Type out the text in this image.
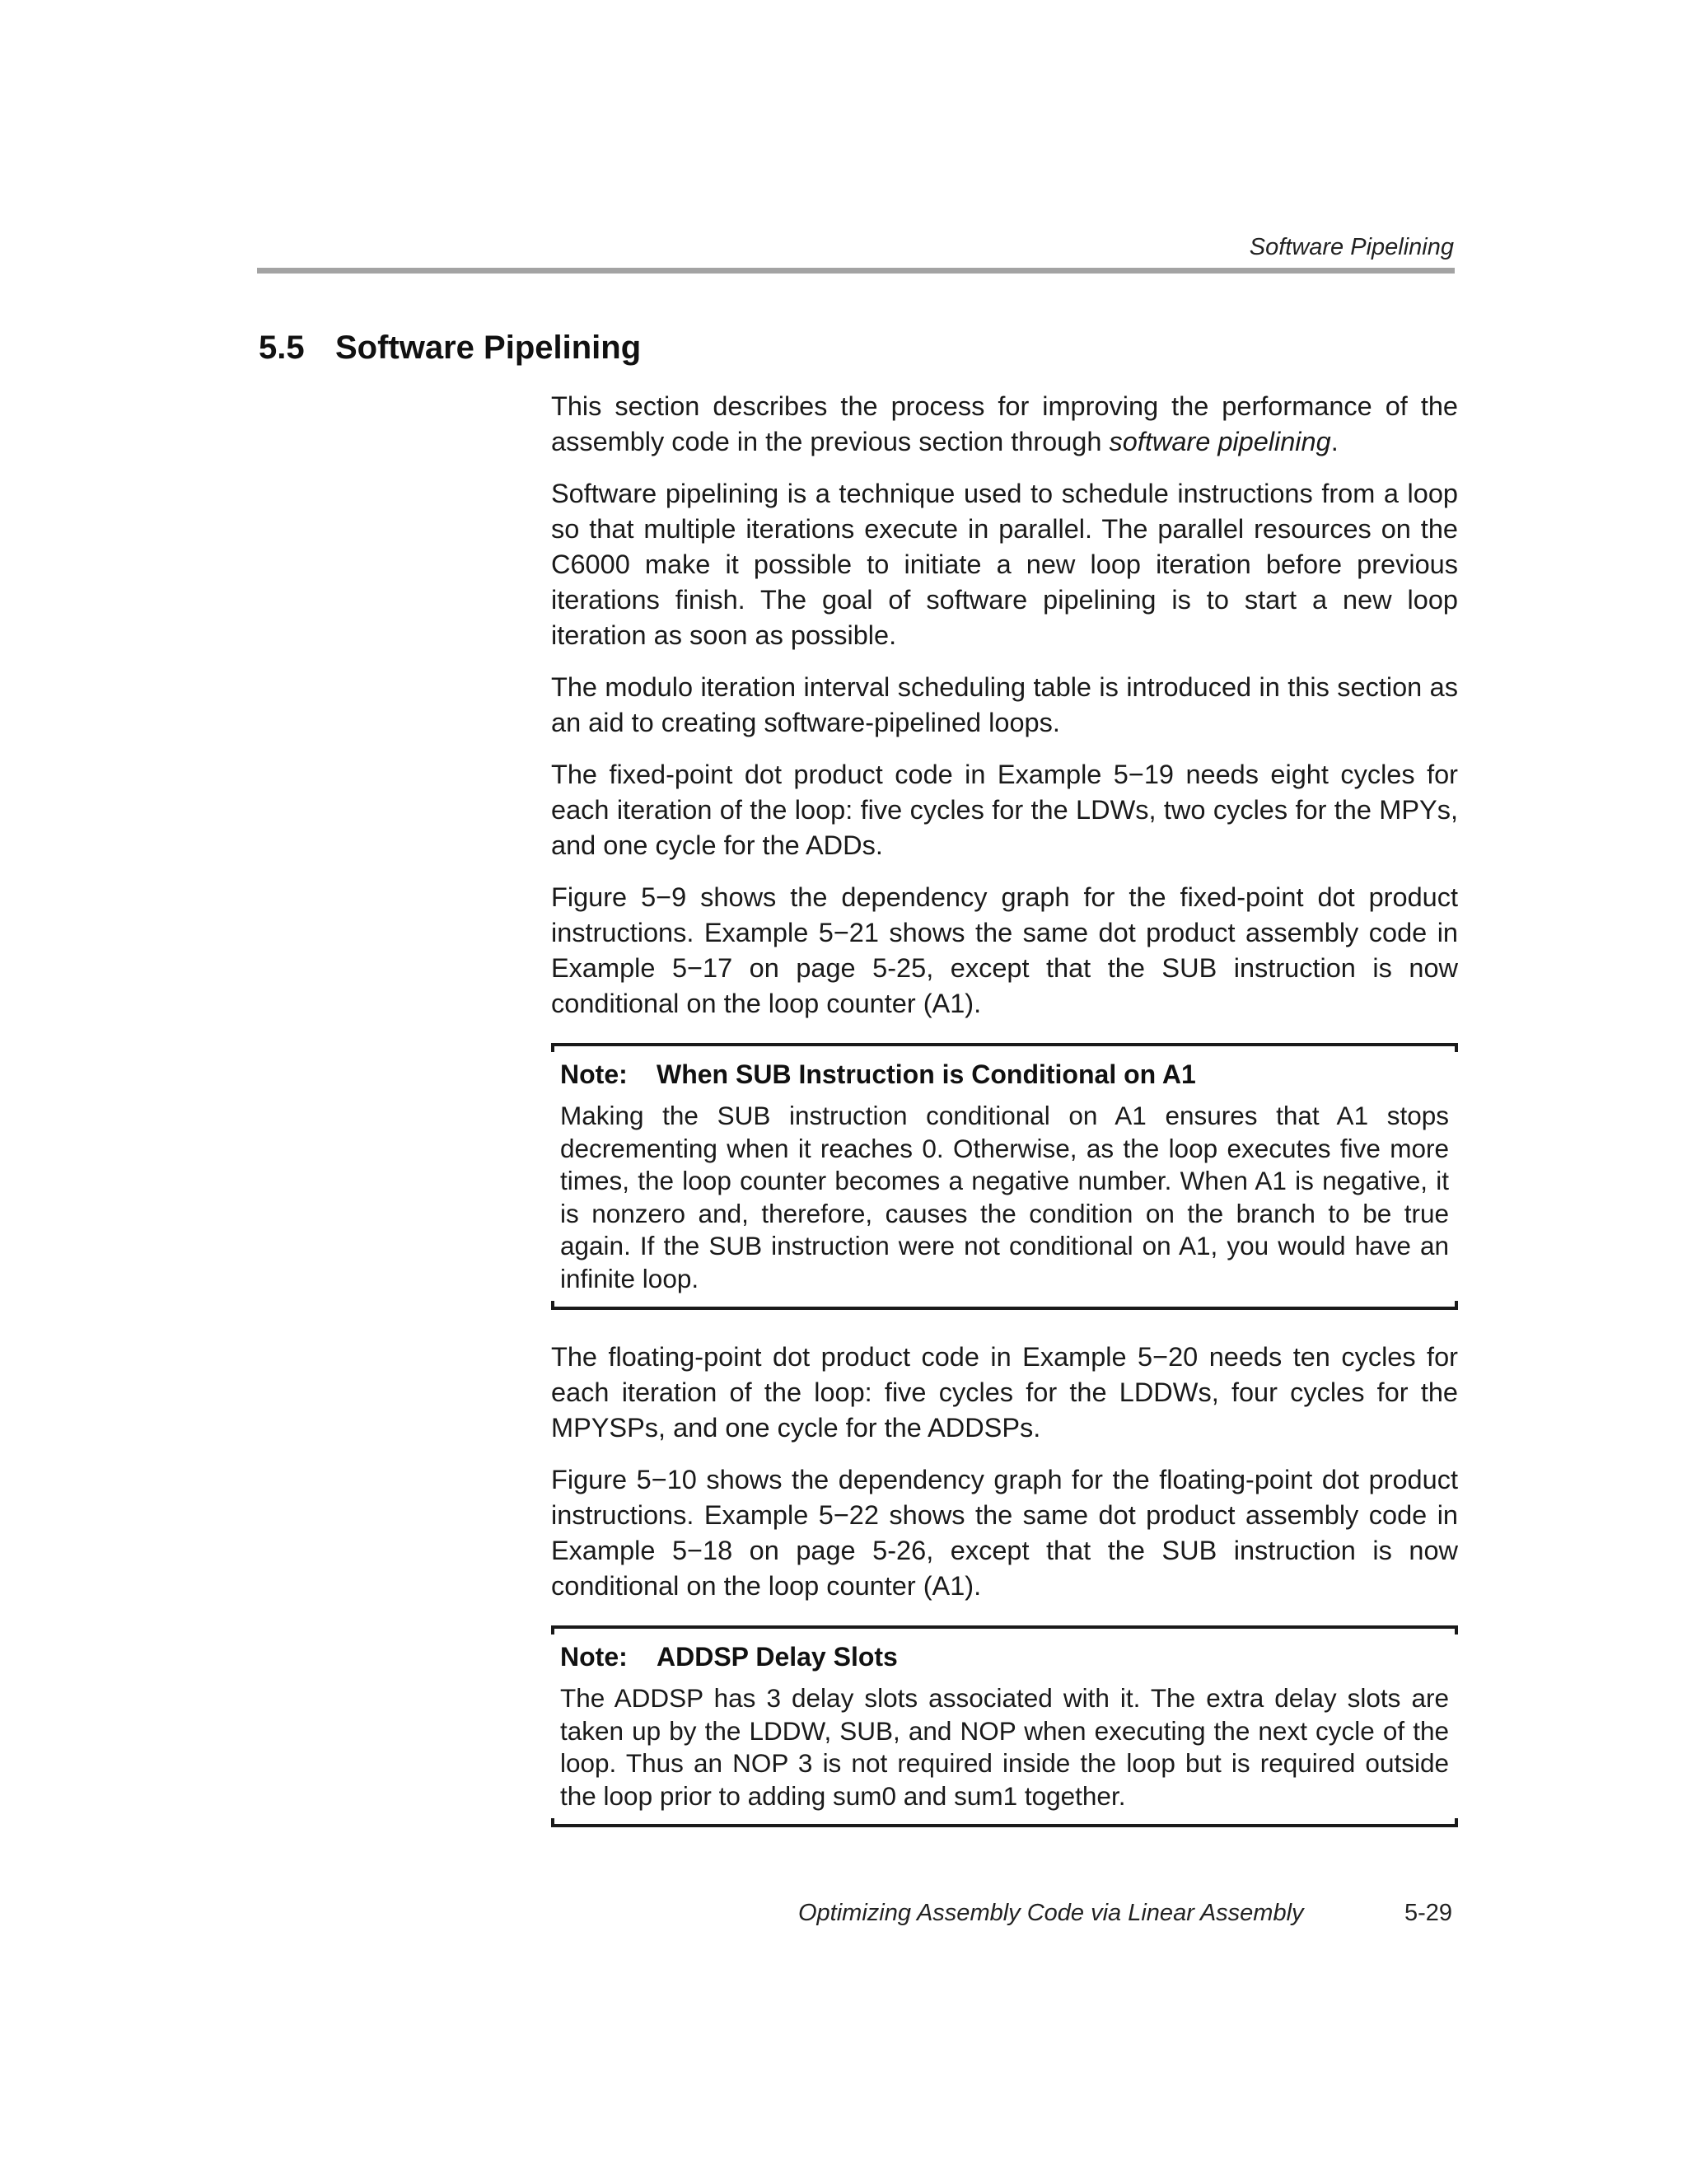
Software Pipelining
5.5 Software Pipelining

This section describes the process for improving the performance of the assembly code in the previous section through software pipelining.

Software pipelining is a technique used to schedule instructions from a loop so that multiple iterations execute in parallel. The parallel resources on the C6000 make it possible to initiate a new loop iteration before previous iterations finish. The goal of software pipelining is to start a new loop iteration as soon as possible.

The modulo iteration interval scheduling table is introduced in this section as an aid to creating software-pipelined loops.

The fixed-point dot product code in Example 5−19 needs eight cycles for each iteration of the loop: five cycles for the LDWs, two cycles for the MPYs, and one cycle for the ADDs.

Figure 5−9 shows the dependency graph for the fixed-point dot product instructions. Example 5−21 shows the same dot product assembly code in Example 5−17 on page 5-25, except that the SUB instruction is now conditional on the loop counter (A1).

Note: When SUB Instruction is Conditional on A1

Making the SUB instruction conditional on A1 ensures that A1 stops decrementing when it reaches 0. Otherwise, as the loop executes five more times, the loop counter becomes a negative number. When A1 is negative, it is nonzero and, therefore, causes the condition on the branch to be true again. If the SUB instruction were not conditional on A1, you would have an infinite loop.

The floating-point dot product code in Example 5−20 needs ten cycles for each iteration of the loop: five cycles for the LDDWs, four cycles for the MPYSPs, and one cycle for the ADDSPs.

Figure 5−10 shows the dependency graph for the floating-point dot product instructions. Example 5−22 shows the same dot product assembly code in Example 5−18 on page 5-26, except that the SUB instruction is now conditional on the loop counter (A1).

Note: ADDSP Delay Slots

The ADDSP has 3 delay slots associated with it. The extra delay slots are taken up by the LDDW, SUB, and NOP when executing the next cycle of the loop. Thus an NOP 3 is not required inside the loop but is required outside the loop prior to adding sum0 and sum1 together.

Optimizing Assembly Code via Linear Assembly	5-29
